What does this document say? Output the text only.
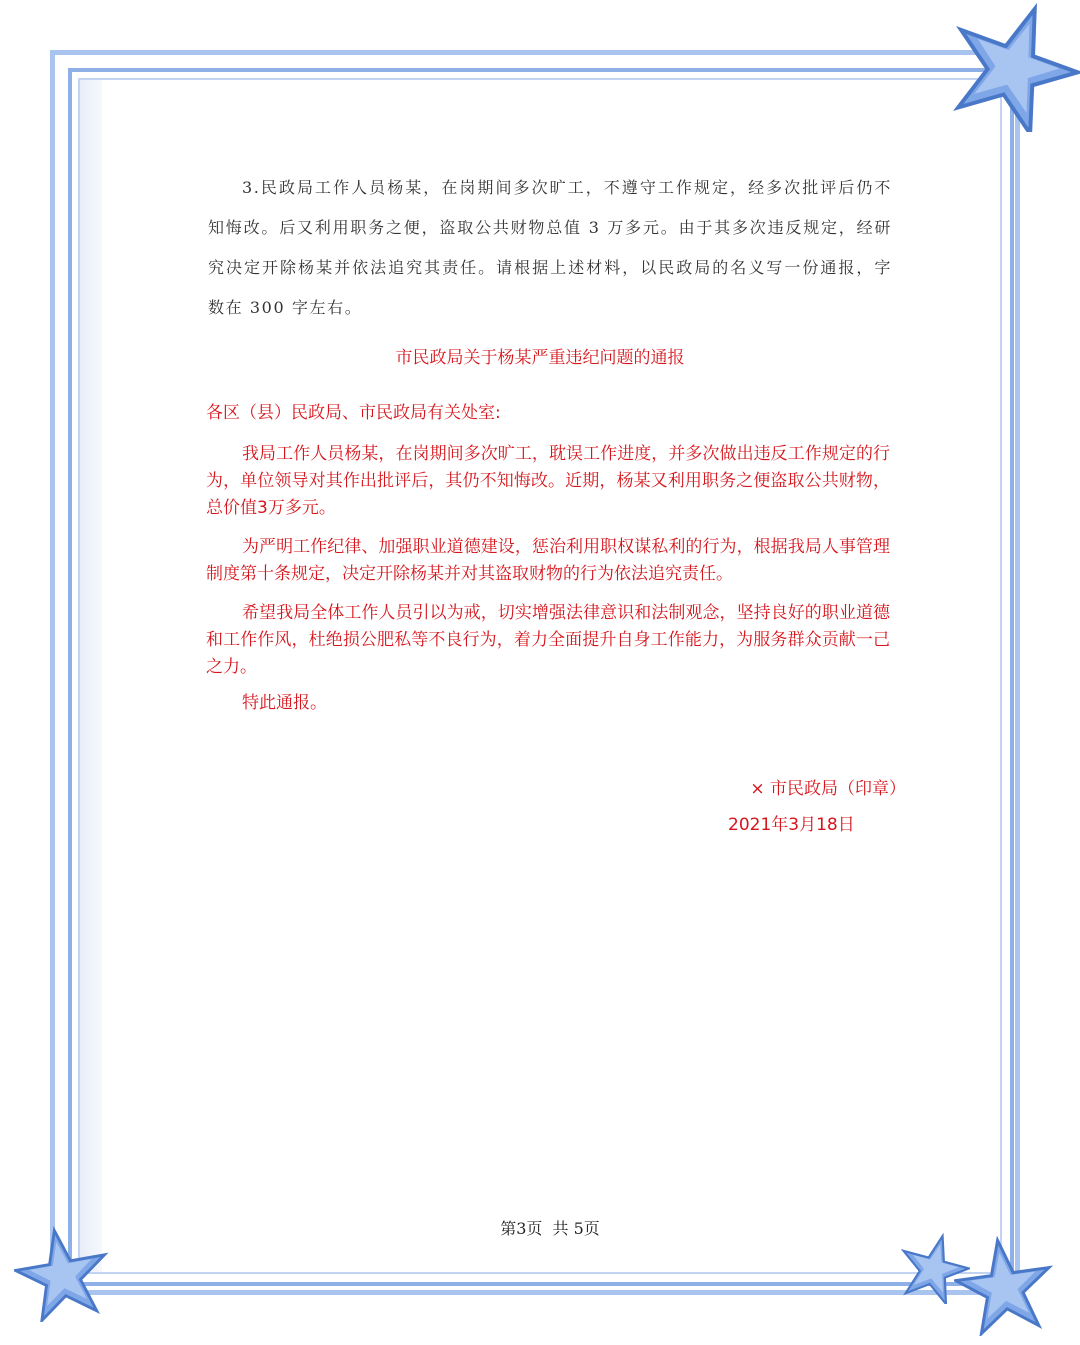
3.民政局工作人员杨某，在岗期间多次旷工，不遵守工作规定，经多次批评后仍不知悔改。后又利用职务之便，盗取公共财物总值 3 万多元。由于其多次违反规定，经研究决定开除杨某并依法追究其责任。请根据上述材料，以民政局的名义写一份通报，字数在 300 字左右。

市民政局关于杨某严重违纪问题的通报

各区（县）民政局、市民政局有关处室:

我局工作人员杨某，在岗期间多次旷工，耽误工作进度，并多次做出违反工作规定的行为，单位领导对其作出批评后，其仍不知悔改。近期，杨某又利用职务之便盗取公共财物，总价值3万多元。

为严明工作纪律、加强职业道德建设，惩治利用职权谋私利的行为，根据我局人事管理制度第十条规定，决定开除杨某并对其盗取财物的行为依法追究责任。

希望我局全体工作人员引以为戒，切实增强法律意识和法制观念，坚持良好的职业道德和工作作风，杜绝损公肥私等不良行为，着力全面提升自身工作能力，为服务群众贡献一己之力。

特此通报。

× 市民政局（印章）

2021年3月18日

第3页  共 5页
